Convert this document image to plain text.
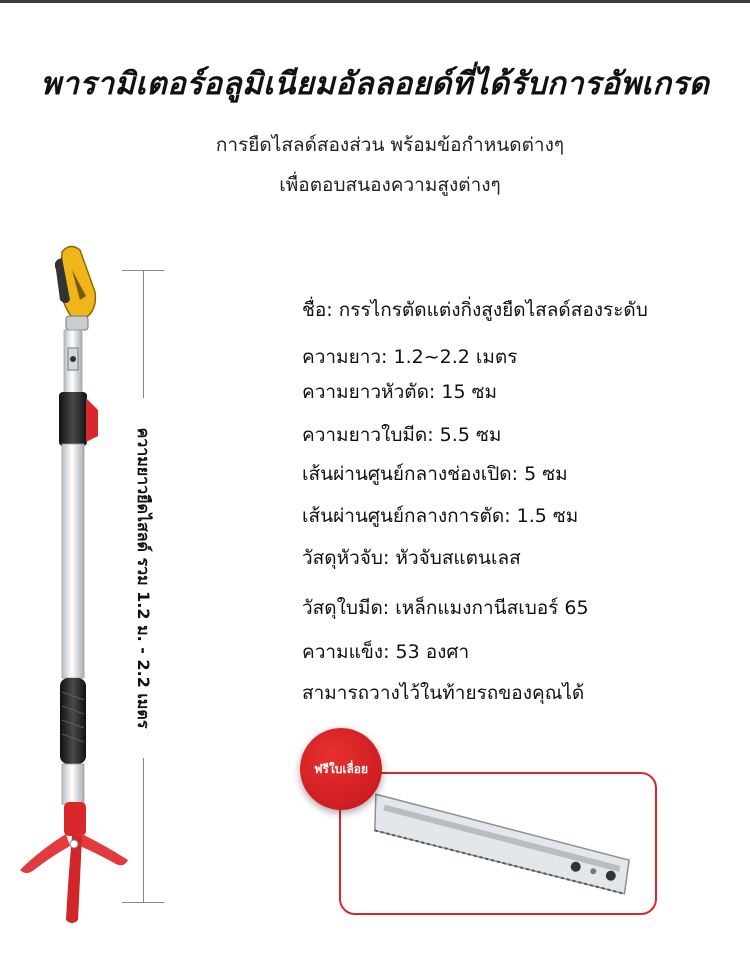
พารามิเตอร์อลูมิเนียมอัลลอยด์ที่ได้รับการอัพเกรด
การยืดไสลด์สองส่วน พร้อมข้อกำหนดต่างๆ
เพื่อตอบสนองความสูงต่างๆ
ความยาวยืดไสลด์ รวม 1.2 ม. - 2.2 เมตร
ชื่อ: กรรไกรตัดแต่งกิ่งสูงยืดไสลด์สองระดับ
ความยาว: 1.2~2.2 เมตร
ความยาวหัวตัด: 15 ซม
ความยาวใบมีด: 5.5 ซม
เส้นผ่านศูนย์กลางช่องเปิด: 5 ซม
เส้นผ่านศูนย์กลางการตัด: 1.5 ซม
วัสดุหัวจับ: หัวจับสแตนเลส
วัสดุใบมีด: เหล็กแมงกานีสเบอร์ 65
ความแข็ง: 53 องศา
สามารถวางไว้ในท้ายรถของคุณได้
ฟรีใบเลื่อย
